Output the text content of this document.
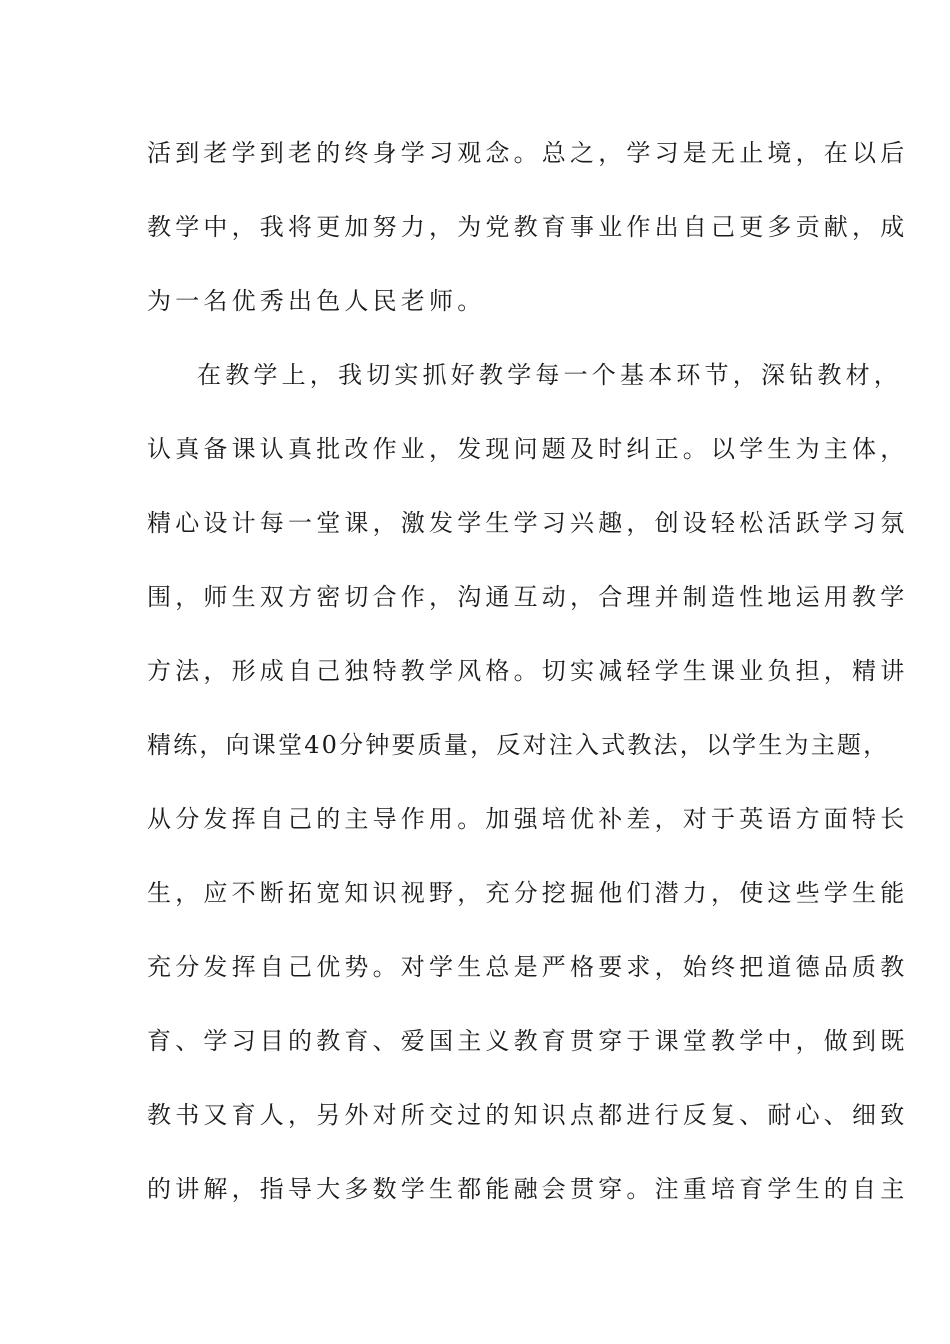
活到老学到老的终身学习观念。总之，学习是无止境，在以后

教学中，我将更加努力，为党教育事业作出自己更多贡献，成

为一名优秀出色人民老师。

在教学上，我切实抓好教学每一个基本环节，深钻教材，

认真备课认真批改作业，发现问题及时纠正。以学生为主体，

精心设计每一堂课，激发学生学习兴趣，创设轻松活跃学习氛

围，师生双方密切合作，沟通互动，合理并制造性地运用教学

方法，形成自己独特教学风格。切实减轻学生课业负担，精讲

精练，向课堂40分钟要质量，反对注入式教法，以学生为主题，

从分发挥自己的主导作用。加强培优补差，对于英语方面特长

生，应不断拓宽知识视野，充分挖掘他们潜力，使这些学生能

充分发挥自己优势。对学生总是严格要求，始终把道德品质教

育、学习目的教育、爱国主义教育贯穿于课堂教学中，做到既

教书又育人，另外对所交过的知识点都进行反复、耐心、细致

的讲解，指导大多数学生都能融会贯穿。注重培育学生的自主
